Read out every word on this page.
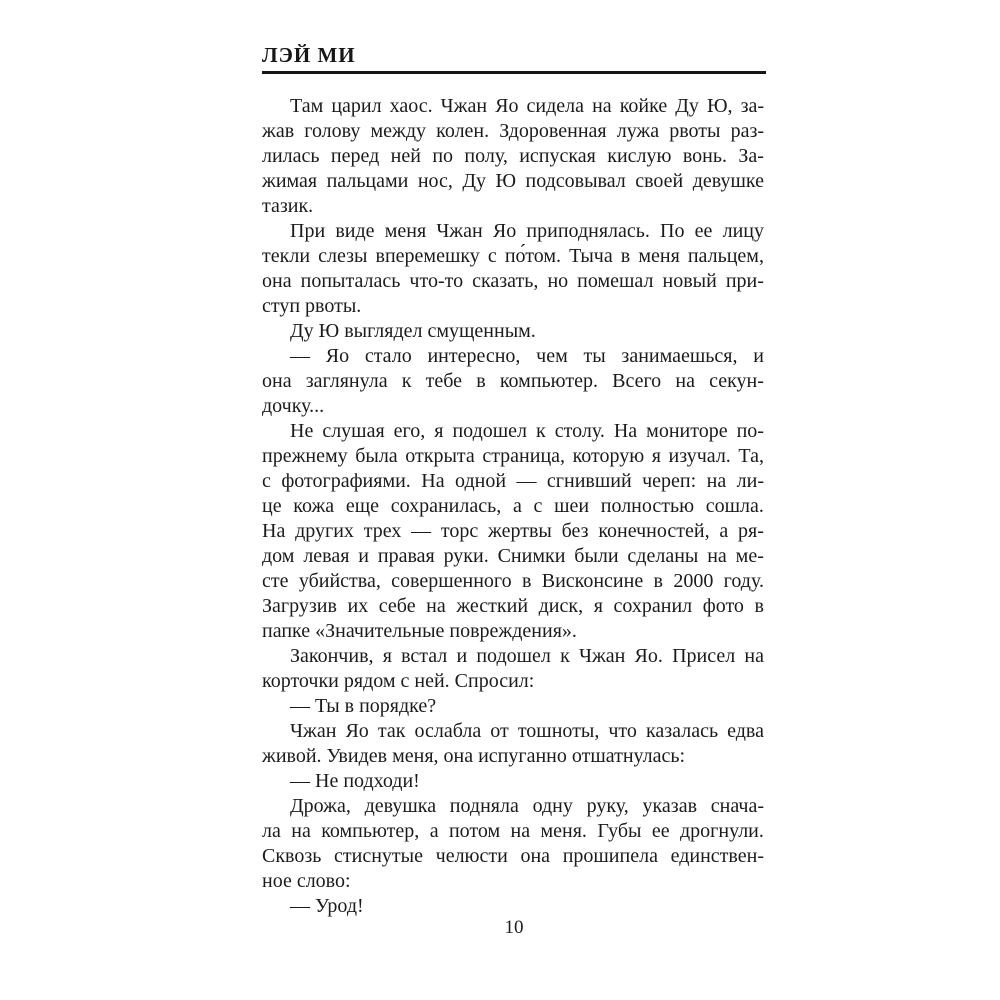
ЛЭЙ МИ
Там царил хаос. Чжан Яо сидела на койке Ду Ю, за-
жав голову между колен. Здоровенная лужа рвоты раз-
лилась перед ней по полу, испуская кислую вонь. За-
жимая пальцами нос, Ду Ю подсовывал своей девушке
тазик.
При виде меня Чжан Яо приподнялась. По ее лицу
текли слезы вперемешку с по́том. Тыча в меня пальцем,
она попыталась что-то сказать, но помешал новый при-
ступ рвоты.
Ду Ю выглядел смущенным.
— Яо стало интересно, чем ты занимаешься, и
она заглянула к тебе в компьютер. Всего на секун-
дочку...
Не слушая его, я подошел к столу. На мониторе по-
прежнему была открыта страница, которую я изучал. Та,
с фотографиями. На одной — сгнивший череп: на ли-
це кожа еще сохранилась, а с шеи полностью сошла.
На других трех — торс жертвы без конечностей, а ря-
дом левая и правая руки. Снимки были сделаны на ме-
сте убийства, совершенного в Висконсине в 2000 году.
Загрузив их себе на жесткий диск, я сохранил фото в
папке «Значительные повреждения».
Закончив, я встал и подошел к Чжан Яо. Присел на
корточки рядом с ней. Спросил:
— Ты в порядке?
Чжан Яо так ослабла от тошноты, что казалась едва
живой. Увидев меня, она испуганно отшатнулась:
— Не подходи!
Дрожа, девушка подняла одну руку, указав снача-
ла на компьютер, а потом на меня. Губы ее дрогнули.
Сквозь стиснутые челюсти она прошипела единствен-
ное слово:
— Урод!
10
